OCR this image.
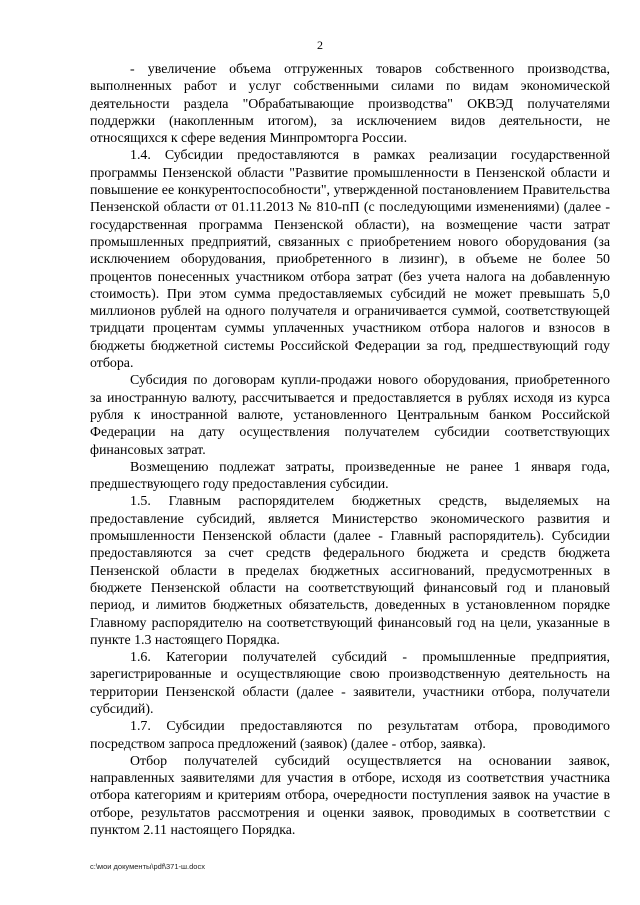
2

- увеличение объема отгруженных товаров собственного производства, выполненных работ и услуг собственными силами по видам экономической деятельности раздела "Обрабатывающие производства" ОКВЭД получателями поддержки (накопленным итогом), за исключением видов деятельности, не относящихся к сфере ведения Минпромторга России.

1.4. Субсидии предоставляются в рамках реализации государственной программы Пензенской области "Развитие промышленности в Пензенской области и повышение ее конкурентоспособности", утвержденной постановлением Правительства Пензенской области от 01.11.2013 № 810-пП (с последующими изменениями) (далее - государственная программа Пензенской области), на возмещение части затрат промышленных предприятий, связанных с приобретением нового оборудования (за исключением оборудования, приобретенного в лизинг), в объеме не более 50 процентов понесенных участником отбора затрат (без учета налога на добавленную стоимость). При этом сумма предоставляемых субсидий не может превышать 5,0 миллионов рублей на одного получателя и ограничивается суммой, соответствующей тридцати процентам суммы уплаченных участником отбора налогов и взносов в бюджеты бюджетной системы Российской Федерации за год, предшествующий году отбора.

Субсидия по договорам купли-продажи нового оборудования, приобретенного за иностранную валюту, рассчитывается и предоставляется в рублях исходя из курса рубля к иностранной валюте, установленного Центральным банком Российской Федерации на дату осуществления получателем субсидии соответствующих финансовых затрат.

Возмещению подлежат затраты, произведенные не ранее 1 января года, предшествующего году предоставления субсидии.

1.5. Главным распорядителем бюджетных средств, выделяемых на предоставление субсидий, является Министерство экономического развития и промышленности Пензенской области (далее - Главный распорядитель). Субсидии предоставляются за счет средств федерального бюджета и средств бюджета Пензенской области в пределах бюджетных ассигнований, предусмотренных в бюджете Пензенской области на соответствующий финансовый год и плановый период, и лимитов бюджетных обязательств, доведенных в установленном порядке Главному распорядителю на соответствующий финансовый год на цели, указанные в пункте 1.3 настоящего Порядка.

1.6. Категории получателей субсидий - промышленные предприятия, зарегистрированные и осуществляющие свою производственную деятельность на территории Пензенской области (далее - заявители, участники отбора, получатели субсидий).

1.7. Субсидии предоставляются по результатам отбора, проводимого посредством запроса предложений (заявок) (далее - отбор, заявка).

Отбор получателей субсидий осуществляется на основании заявок, направленных заявителями для участия в отборе, исходя из соответствия участника отбора категориям и критериям отбора, очередности поступления заявок на участие в отборе, результатов рассмотрения и оценки заявок, проводимых в соответствии с пунктом 2.11 настоящего Порядка.

c:\мои документы\pdf\371-ш.docx
